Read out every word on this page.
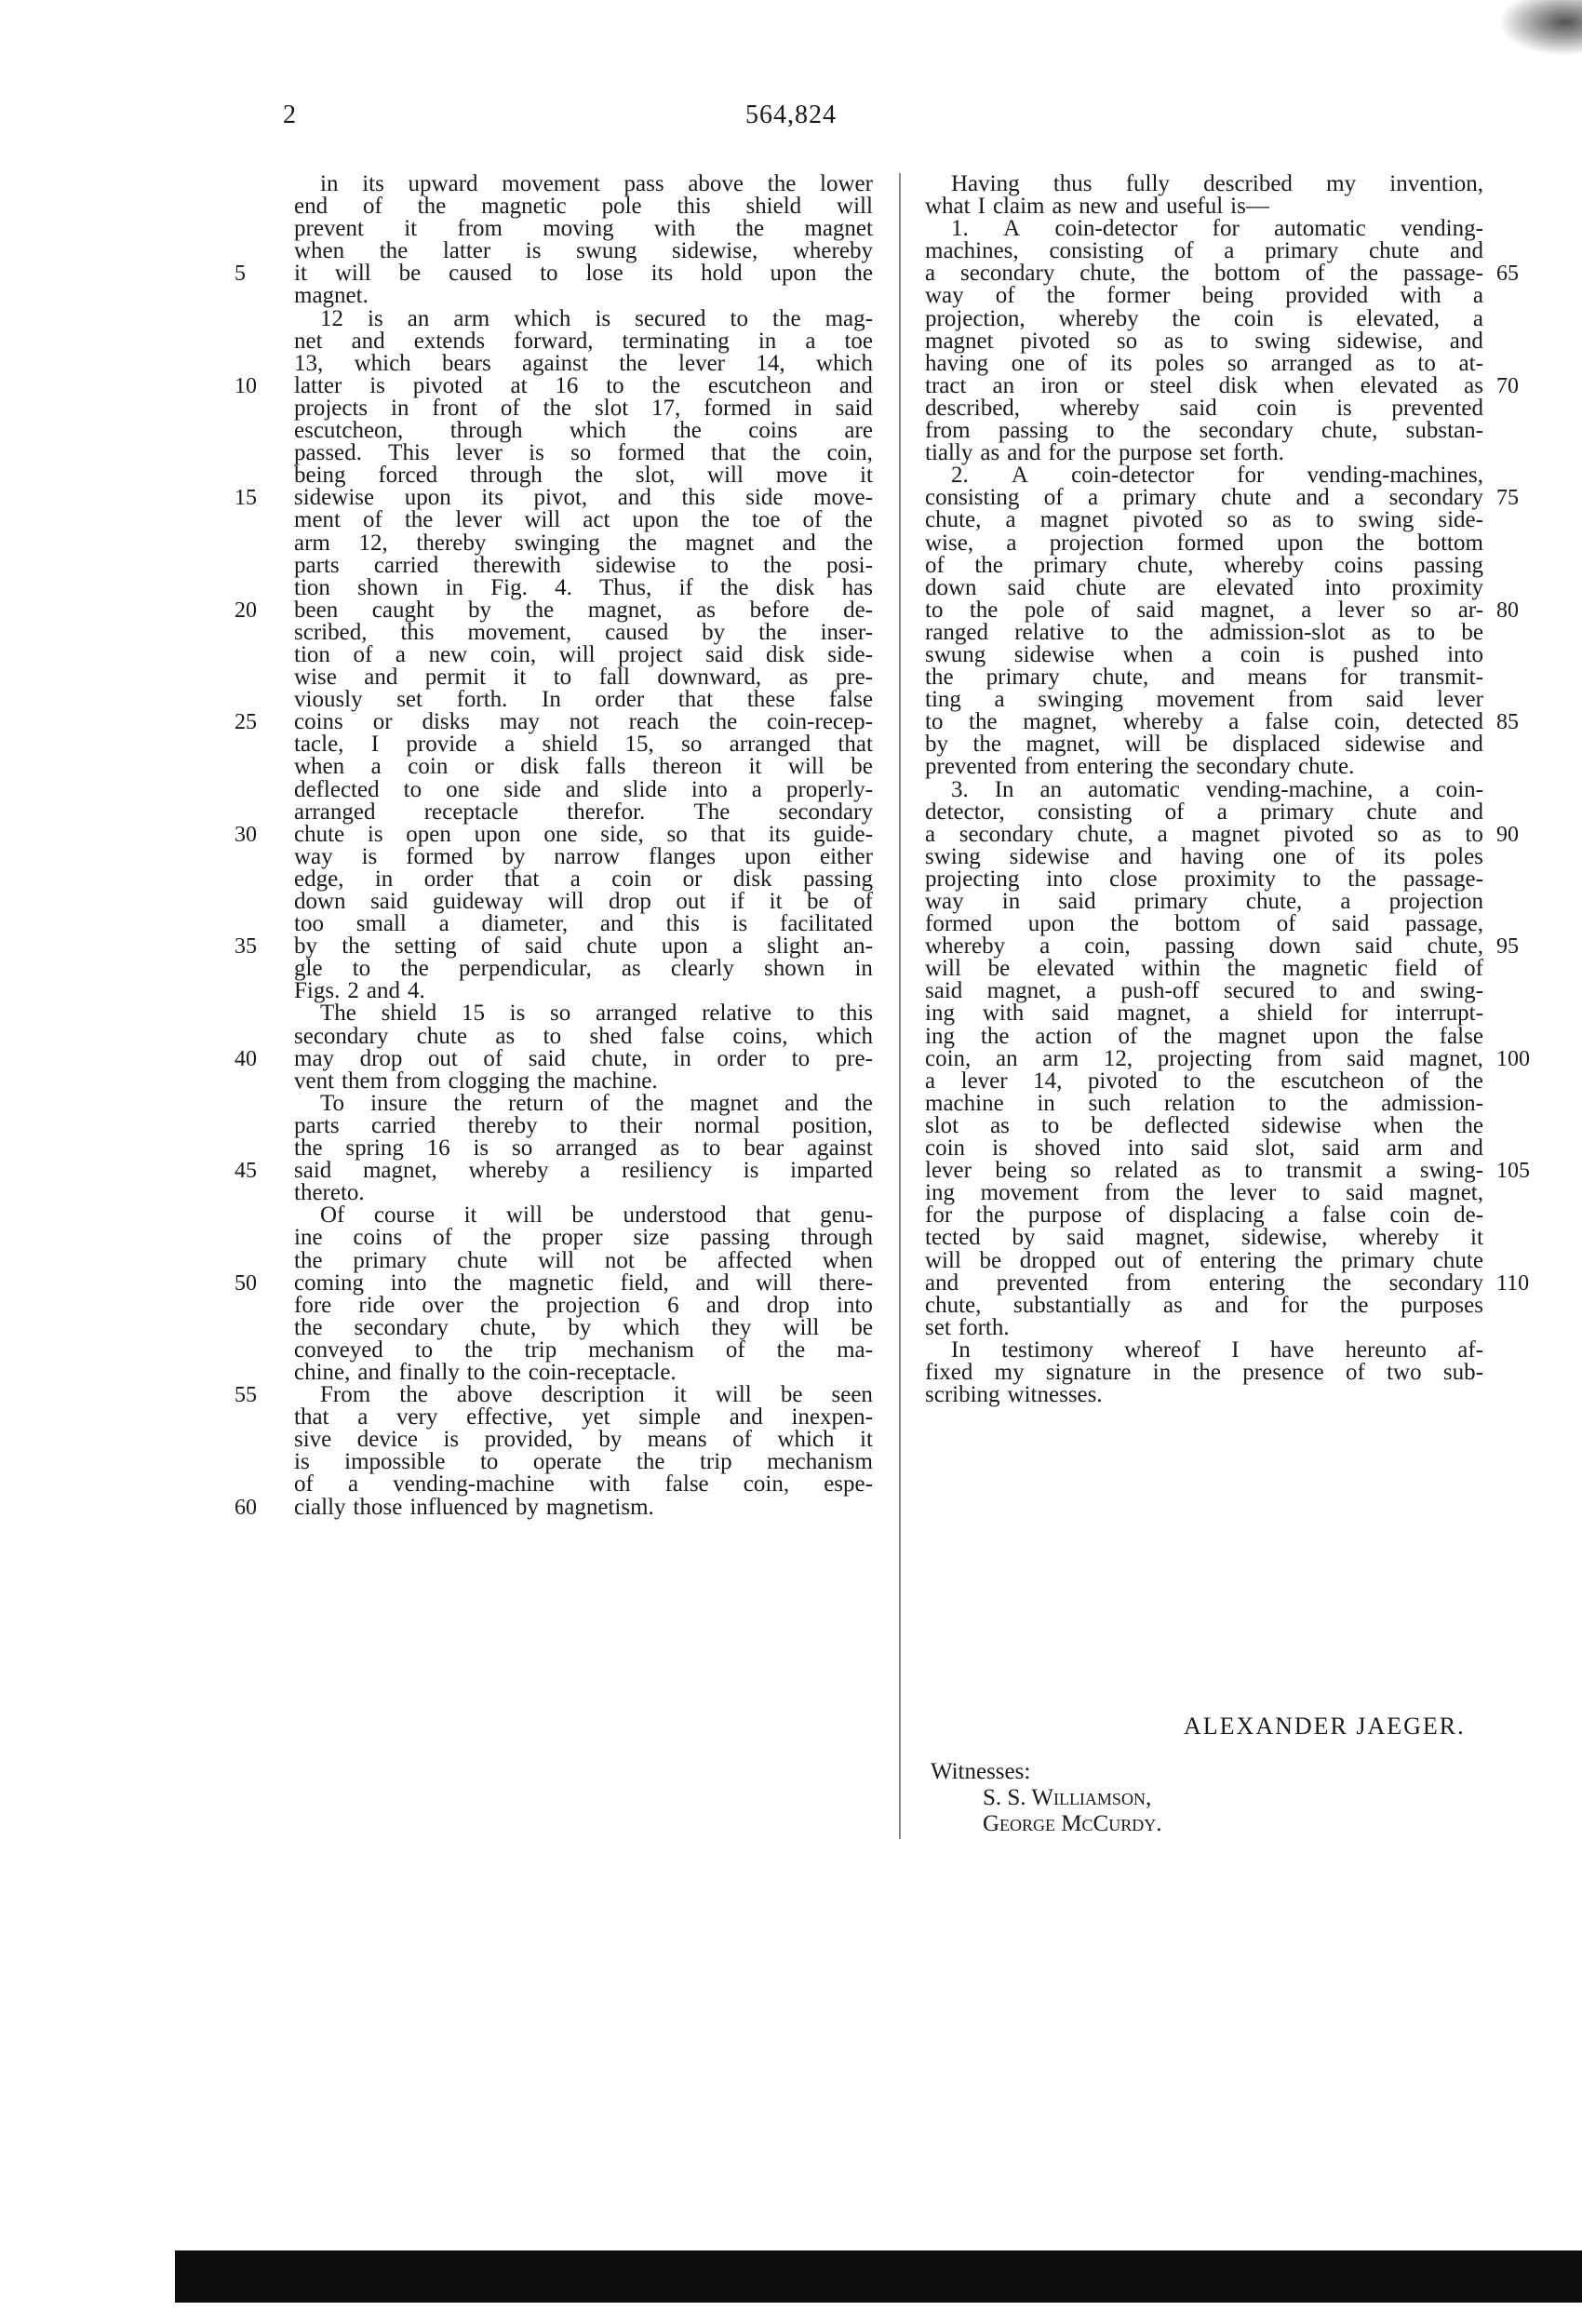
2	564,824
in its upward movement pass above the lower
end of the magnetic pole this shield will
prevent it from moving with the magnet
when the latter is swung sidewise, whereby
it will be caused to lose its hold upon the
magnet.
12 is an arm which is secured to the mag-
net and extends forward, terminating in a toe
13, which bears against the lever 14, which
latter is pivoted at 16 to the escutcheon and
projects in front of the slot 17, formed in said
escutcheon, through which the coins are
passed. This lever is so formed that the coin,
being forced through the slot, will move it
sidewise upon its pivot, and this side move-
ment of the lever will act upon the toe of the
arm 12, thereby swinging the magnet and the
parts carried therewith sidewise to the posi-
tion shown in Fig. 4. Thus, if the disk has
been caught by the magnet, as before de-
scribed, this movement, caused by the inser-
tion of a new coin, will project said disk side-
wise and permit it to fall downward, as pre-
viously set forth. In order that these false
coins or disks may not reach the coin-recep-
tacle, I provide a shield 15, so arranged that
when a coin or disk falls thereon it will be
deflected to one side and slide into a properly-
arranged receptacle therefor. The secondary
chute is open upon one side, so that its guide-
way is formed by narrow flanges upon either
edge, in order that a coin or disk passing
down said guideway will drop out if it be of
too small a diameter, and this is facilitated
by the setting of said chute upon a slight an-
gle to the perpendicular, as clearly shown in
Figs. 2 and 4.
The shield 15 is so arranged relative to this
secondary chute as to shed false coins, which
may drop out of said chute, in order to pre-
vent them from clogging the machine.
To insure the return of the magnet and the
parts carried thereby to their normal position,
the spring 16 is so arranged as to bear against
said magnet, whereby a resiliency is imparted
thereto.
Of course it will be understood that genu-
ine coins of the proper size passing through
the primary chute will not be affected when
coming into the magnetic field, and will there-
fore ride over the projection 6 and drop into
the secondary chute, by which they will be
conveyed to the trip mechanism of the ma-
chine, and finally to the coin-receptacle.
From the above description it will be seen
that a very effective, yet simple and inexpen-
sive device is provided, by means of which it
is impossible to operate the trip mechanism
of a vending-machine with false coin, espe-
cially those influenced by magnetism.
Having thus fully described my invention,
what I claim as new and useful is—
1. A coin-detector for automatic vending-
machines, consisting of a primary chute and
a secondary chute, the bottom of the passage-
way of the former being provided with a
projection, whereby the coin is elevated, a
magnet pivoted so as to swing sidewise, and
having one of its poles so arranged as to at-
tract an iron or steel disk when elevated as
described, whereby said coin is prevented
from passing to the secondary chute, substan-
tially as and for the purpose set forth.
2. A coin-detector for vending-machines,
consisting of a primary chute and a secondary
chute, a magnet pivoted so as to swing side-
wise, a projection formed upon the bottom
of the primary chute, whereby coins passing
down said chute are elevated into proximity
to the pole of said magnet, a lever so ar-
ranged relative to the admission-slot as to be
swung sidewise when a coin is pushed into
the primary chute, and means for transmit-
ting a swinging movement from said lever
to the magnet, whereby a false coin, detected
by the magnet, will be displaced sidewise and
prevented from entering the secondary chute.
3. In an automatic vending-machine, a coin-
detector, consisting of a primary chute and
a secondary chute, a magnet pivoted so as to
swing sidewise and having one of its poles
projecting into close proximity to the passage-
way in said primary chute, a projection
formed upon the bottom of said passage,
whereby a coin, passing down said chute,
will be elevated within the magnetic field of
said magnet, a push-off secured to and swing-
ing with said magnet, a shield for interrupt-
ing the action of the magnet upon the false
coin, an arm 12, projecting from said magnet,
a lever 14, pivoted to the escutcheon of the
machine in such relation to the admission-
slot as to be deflected sidewise when the
coin is shoved into said slot, said arm and
lever being so related as to transmit a swing-
ing movement from the lever to said magnet,
for the purpose of displacing a false coin de-
tected by said magnet, sidewise, whereby it
will be dropped out of entering the primary chute
and prevented from entering the secondary
chute, substantially as and for the purposes
set forth.
In testimony whereof I have hereunto af-
fixed my signature in the presence of two sub-
scribing witnesses.
5
10
15
20
25
30
35
40
45
50
55
60
65
70
75
80
85
90
95
100
105
110
ALEXANDER JAEGER.
Witnesses:
S. S. Williamson,
George McCurdy.
